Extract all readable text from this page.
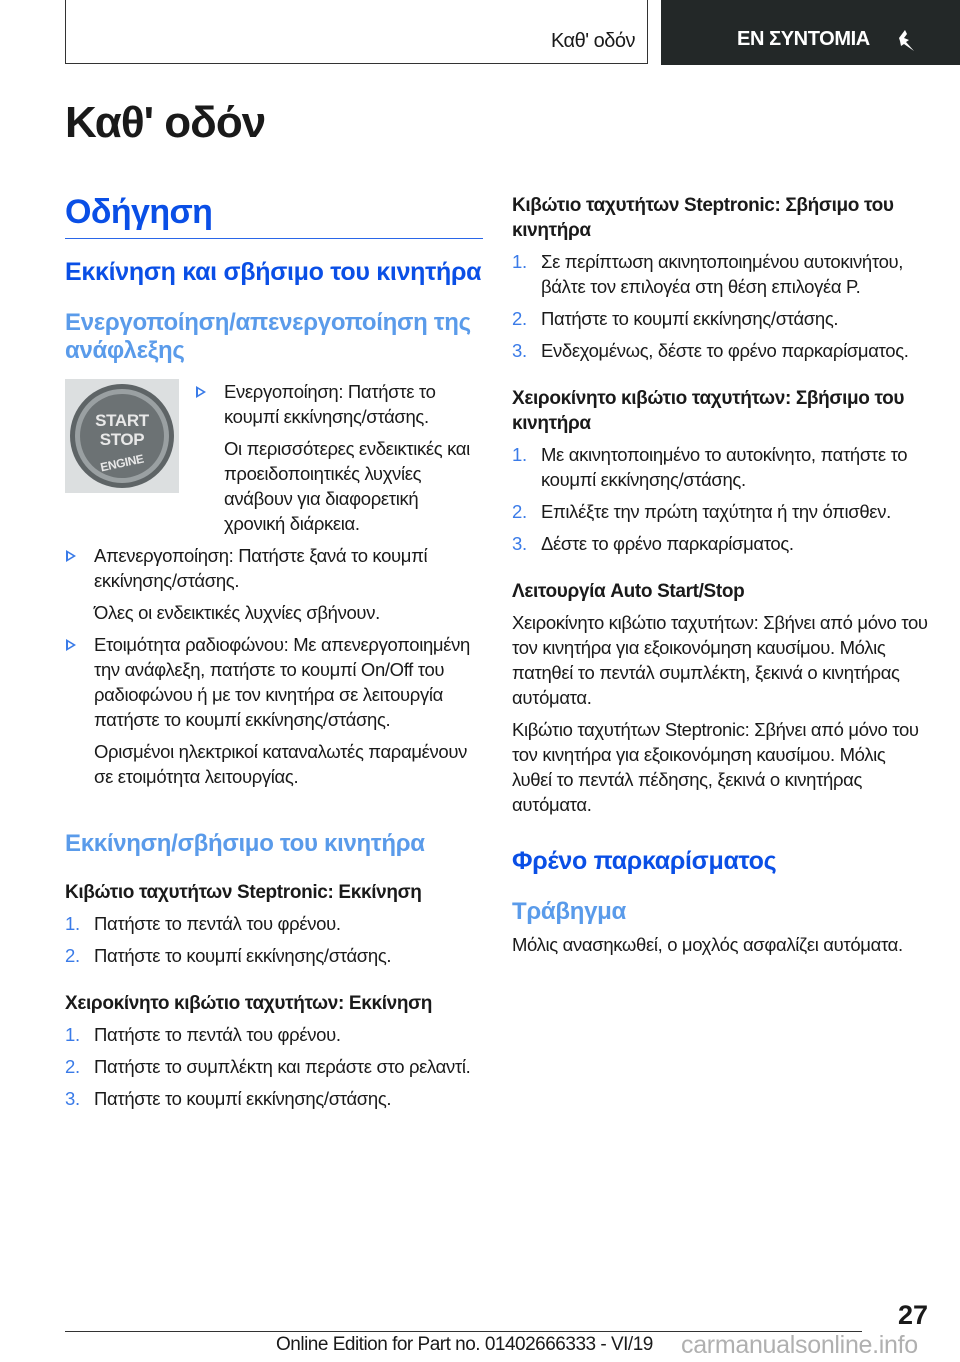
Καθ' οδόν	ΕΝ ΣΥΝΤΟΜΙΑ
Καθ' οδόν
Οδήγηση
Εκκίνηση και σβήσιμο του κινητήρα
Ενεργοποίηση/απενεργοποίηση της ανάφλεξης
START
STOP
ENGINE
Ενεργοποίηση: Πατήστε το κουμπί εκκίνησης/στάσης.
Οι περισσότερες ενδεικτικές και προειδοποιητικές λυχνίες ανάβουν για διαφορετική χρονική διάρκεια.
Απενεργοποίηση: Πατήστε ξανά το κουμπί εκκίνησης/στάσης.
Όλες οι ενδεικτικές λυχνίες σβήνουν.
Ετοιμότητα ραδιοφώνου: Με απενεργοποιημένη την ανάφλεξη, πατήστε το κουμπί On/Off του ραδιοφώνου ή με τον κινητήρα σε λειτουργία πατήστε το κουμπί εκκίνησης/στάσης.
Ορισμένοι ηλεκτρικοί καταναλωτές παραμένουν σε ετοιμότητα λειτουργίας.
Εκκίνηση/σβήσιμο του κινητήρα
Κιβώτιο ταχυτήτων Steptronic: Εκκίνηση
1. Πατήστε το πεντάλ του φρένου.
2. Πατήστε το κουμπί εκκίνησης/στάσης.
Χειροκίνητο κιβώτιο ταχυτήτων: Εκκίνηση
1. Πατήστε το πεντάλ του φρένου.
2. Πατήστε το συμπλέκτη και περάστε στο ρελαντί.
3. Πατήστε το κουμπί εκκίνησης/στάσης.
Κιβώτιο ταχυτήτων Steptronic: Σβήσιμο του κινητήρα
1. Σε περίπτωση ακινητοποιημένου αυτοκινήτου, βάλτε τον επιλογέα στη θέση επιλογέα P.
2. Πατήστε το κουμπί εκκίνησης/στάσης.
3. Ενδεχομένως, δέστε το φρένο παρκαρίσματος.
Χειροκίνητο κιβώτιο ταχυτήτων: Σβήσιμο του κινητήρα
1. Με ακινητοποιημένο το αυτοκίνητο, πατήστε το κουμπί εκκίνησης/στάσης.
2. Επιλέξτε την πρώτη ταχύτητα ή την όπισθεν.
3. Δέστε το φρένο παρκαρίσματος.
Λειτουργία Auto Start/Stop

Χειροκίνητο κιβώτιο ταχυτήτων: Σβήνει από μόνο του τον κινητήρα για εξοικονόμηση καυσίμου. Μόλις πατηθεί το πεντάλ συμπλέκτη, ξεκινά ο κινητήρας αυτόματα.

Κιβώτιο ταχυτήτων Steptronic: Σβήνει από μόνο του τον κινητήρα για εξοικονόμηση καυσίμου. Μόλις λυθεί το πεντάλ πέδησης, ξεκινά ο κινητήρας αυτόματα.

Φρένο παρκαρίσματος
Τράβηγμα

Μόλις ανασηκωθεί, ο μοχλός ασφαλίζει αυτόματα.

27
Online Edition for Part no. 01402666333 - VI/19 carmanualsonline.info
